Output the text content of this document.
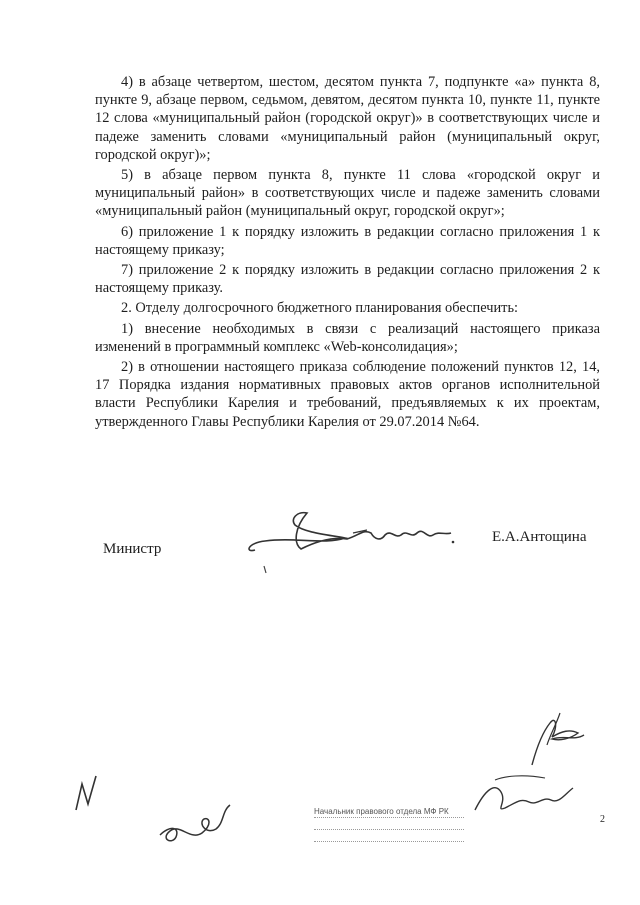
4) в абзаце четвертом, шестом, десятом пункта 7, подпункте «а» пункта 8, пункте 9, абзаце первом, седьмом, девятом, десятом пункта 10, пункте 11, пункте 12 слова «муниципальный район (городской округ)» в соответствующих числе и падеже заменить словами «муниципальный район (муниципальный округ, городской округ)»;

5) в абзаце первом пункта 8, пункте 11 слова «городской округ и муниципальный район» в соответствующих числе и падеже заменить словами «муниципальный район (муниципальный округ, городской округ»;

6) приложение 1 к порядку изложить в редакции согласно приложения 1 к настоящему приказу;

7) приложение 2 к порядку изложить в редакции согласно приложения 2 к настоящему приказу.

2. Отделу долгосрочного бюджетного планирования обеспечить:

1) внесение необходимых в связи с реализаций настоящего приказа изменений в программный комплекс «Web-консолидация»;

2) в отношении настоящего приказа соблюдение положений пунктов 12, 14, 17 Порядка издания нормативных правовых актов органов исполнительной власти Республики Карелия и требований, предъявляемых к их проектам, утвержденного Главы Республики Карелия от 29.07.2014 №64.

Министр
Е.А.Антощина
Начальник правового отдела МФ РК
2
